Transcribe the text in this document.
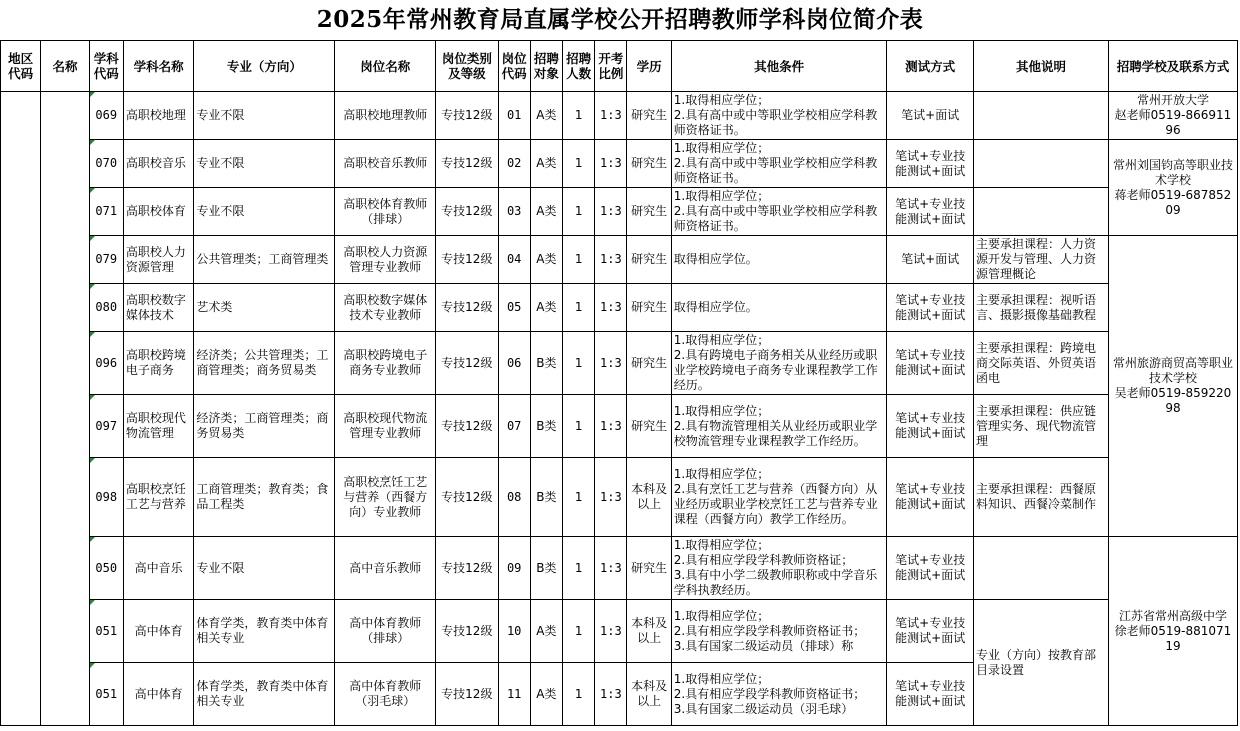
2025年常州教育局直属学校公开招聘教师学科岗位简介表
地区代码	名称	学科代码	学科名称	专业（方向）	岗位名称	岗位类别及等级	岗位代码	招聘对象	招聘人数	开考比例	学历	其他条件	测试方式	其他说明	招聘学校及联系方式
		069	高职校地理	专业不限	高职校地理教师	专技12级	01	A类	1	1:3	研究生	1.取得相应学位；
2.具有高中或中等职业学校相应学科教师资格证书。	笔试+面试		常州开放大学
赵老师0519-86691196
		070	高职校音乐	专业不限	高职校音乐教师	专技12级	02	A类	1	1:3	研究生	1.取得相应学位；
2.具有高中或中等职业学校相应学科教师资格证书。	笔试+专业技能测试+面试		常州刘国钧高等职业技术学校
蒋老师0519-68785209
		071	高职校体育	专业不限	高职校体育教师（排球）	专技12级	03	A类	1	1:3	研究生	1.取得相应学位；
2.具有高中或中等职业学校相应学科教师资格证书。	笔试+专业技能测试+面试		
		079	高职校人力资源管理	公共管理类；工商管理类	高职校人力资源管理专业教师	专技12级	04	A类	1	1:3	研究生	取得相应学位。	笔试+面试	主要承担课程：人力资源开发与管理、人力资源管理概论	常州旅游商贸高等职业技术学校
吴老师0519-85922098
		080	高职校数字媒体技术	艺术类	高职校数字媒体技术专业教师	专技12级	05	A类	1	1:3	研究生	取得相应学位。	笔试+专业技能测试+面试	主要承担课程：视听语言、摄影摄像基础教程	
		096	高职校跨境电子商务	经济类；公共管理类；工商管理类；商务贸易类	高职校跨境电子商务专业教师	专技12级	06	B类	1	1:3	研究生	1.取得相应学位；
2.具有跨境电子商务相关从业经历或职业学校跨境电子商务专业课程教学工作经历。	笔试+专业技能测试+面试	主要承担课程：跨境电商交际英语、外贸英语函电	
		097	高职校现代物流管理	经济类；工商管理类；商务贸易类	高职校现代物流管理专业教师	专技12级	07	B类	1	1:3	研究生	1.取得相应学位；
2.具有物流管理相关从业经历或职业学校物流管理专业课程教学工作经历。	笔试+专业技能测试+面试	主要承担课程：供应链管理实务、现代物流管理	
		098	高职校烹饪工艺与营养	工商管理类；教育类；食品工程类	高职校烹饪工艺与营养（西餐方向）专业教师	专技12级	08	B类	1	1:3	本科及以上	1.取得相应学位；
2.具有烹饪工艺与营养（西餐方向）从业经历或职业学校烹饪工艺与营养专业课程（西餐方向）教学工作经历。	笔试+专业技能测试+面试	主要承担课程：西餐原料知识、西餐冷菜制作	
		050	高中音乐	专业不限	高中音乐教师	专技12级	09	B类	1	1:3	研究生	1.取得相应学位；
2.具有相应学段学科教师资格证；
3.具有中小学二级教师职称或中学音乐学科执教经历。	笔试+专业技能测试+面试		江苏省常州高级中学
徐老师0519-88107119
		051	高中体育	体育学类，教育类中体育相关专业	高中体育教师（排球）	专技12级	10	A类	1	1:3	本科及以上	1.取得相应学位；
2.具有相应学段学科教师资格证书；
3.具有国家二级运动员（排球）称	笔试+专业技能测试+面试	专业（方向）按教育部目录设置	
		051	高中体育	体育学类，教育类中体育相关专业	高中体育教师（羽毛球）	专技12级	11	A类	1	1:3	本科及以上	1.取得相应学位；
2.具有相应学段学科教师资格证书；
3.具有国家二级运动员（羽毛球）	笔试+专业技能测试+面试		
